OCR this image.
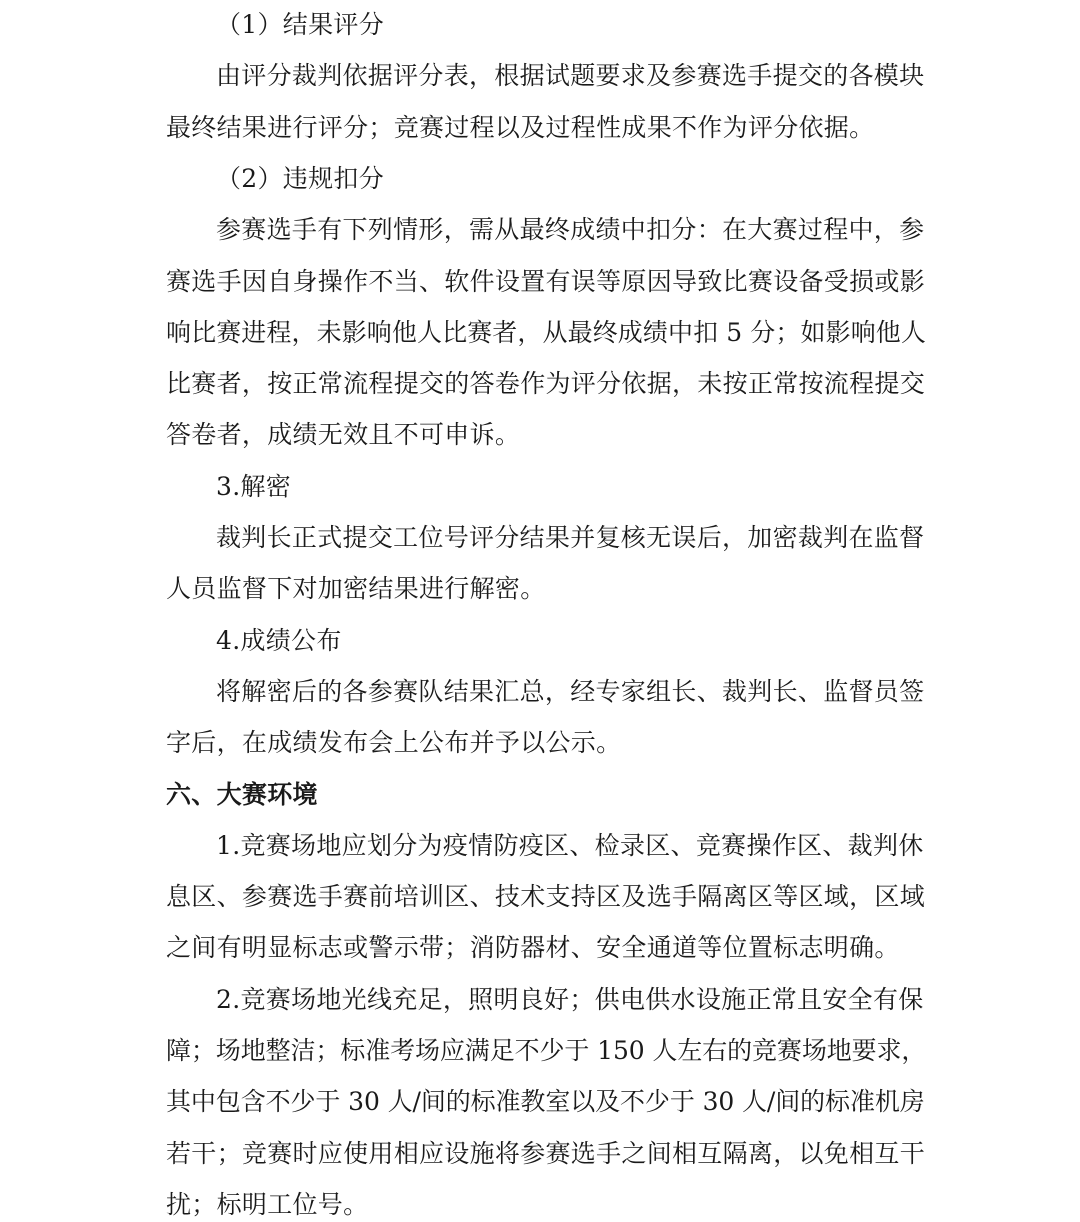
（1）结果评分
由评分裁判依据评分表，根据试题要求及参赛选手提交的各模块
最终结果进行评分；竞赛过程以及过程性成果不作为评分依据。
（2）违规扣分
参赛选手有下列情形，需从最终成绩中扣分：在大赛过程中，参
赛选手因自身操作不当、软件设置有误等原因导致比赛设备受损或影
响比赛进程，未影响他人比赛者，从最终成绩中扣 5 分；如影响他人
比赛者，按正常流程提交的答卷作为评分依据，未按正常按流程提交
答卷者，成绩无效且不可申诉。
3.解密
裁判长正式提交工位号评分结果并复核无误后，加密裁判在监督
人员监督下对加密结果进行解密。
4.成绩公布
将解密后的各参赛队结果汇总，经专家组长、裁判长、监督员签
字后，在成绩发布会上公布并予以公示。
六、大赛环境
1.竞赛场地应划分为疫情防疫区、检录区、竞赛操作区、裁判休
息区、参赛选手赛前培训区、技术支持区及选手隔离区等区域，区域
之间有明显标志或警示带；消防器材、安全通道等位置标志明确。
2.竞赛场地光线充足，照明良好；供电供水设施正常且安全有保
障；场地整洁；标准考场应满足不少于 150 人左右的竞赛场地要求，
其中包含不少于 30 人/间的标准教室以及不少于 30 人/间的标准机房
若干；竞赛时应使用相应设施将参赛选手之间相互隔离，以免相互干
扰；标明工位号。
